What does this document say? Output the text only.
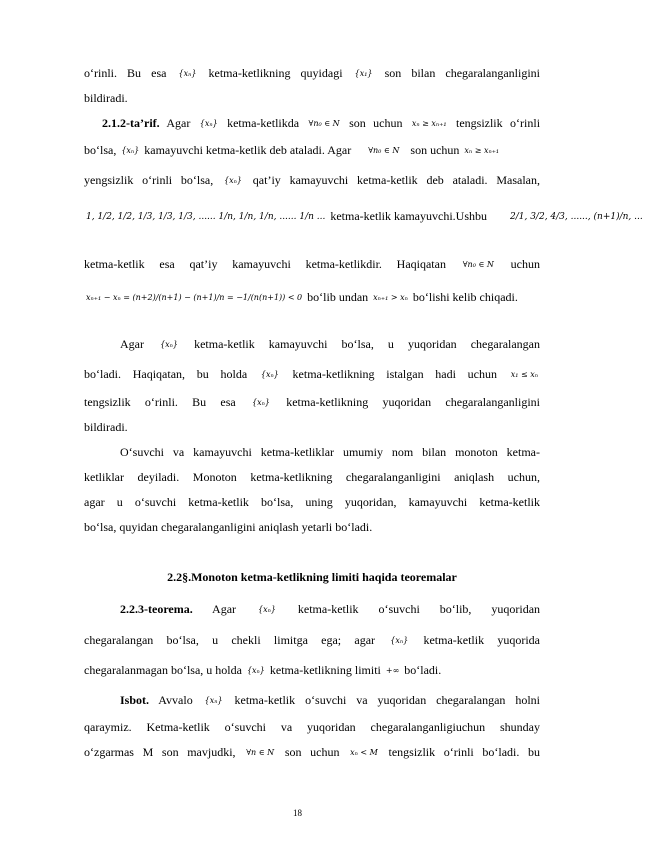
o‘rinli. Bu esa {xₙ} ketma-ketlikning quyidagi {x₁} son bilan chegaralanganligini
bildiradi.
2.1.2-ta’rif. Agar {xₙ} ketma-ketlikda ∀n₀ ∈ N son uchun xₙ ≥ xₙ₊₁ tengsizlik o‘rinli
bo‘lsa, {xₙ} kamayuvchi ketma-ketlik deb ataladi. Agar ∀n₀ ∈ N son uchun xₙ ≥ xₙ₊₁
yengsizlik o‘rinli bo‘lsa, {xₙ} qat’iy kamayuvchi ketma-ketlik deb ataladi. Masalan,
1, 1/2, 1/2, 1/3, 1/3, 1/3, ...... 1/n, 1/n, 1/n, ...... 1/n ... ketma-ketlik kamayuvchi.Ushbu	2/1, 3/2, 4/3, ......, (n+1)/n, ...
ketma-ketlik esa qat’iy kamayuvchi ketma-ketlikdir. Haqiqatan ∀n₀ ∈ N uchun
xₙ₊₁ − xₙ = (n+2)/(n+1) − (n+1)/n = −1/(n(n+1)) < 0 bo‘lib undan xₙ₊₁ > xₙ bo‘lishi kelib chiqadi.
Agar {xₙ} ketma-ketlik kamayuvchi bo‘lsa, u yuqoridan chegaralangan
bo‘ladi. Haqiqatan, bu holda {xₙ} ketma-ketlikning istalgan hadi uchun x₁ ≤ xₙ
tengsizlik o‘rinli. Bu esa {xₙ} ketma-ketlikning yuqoridan chegaralanganligini
bildiradi.
O‘suvchi va kamayuvchi ketma-ketliklar umumiy nom bilan monoton ketma-
ketliklar deyiladi. Monoton ketma-ketlikning chegaralanganligini aniqlash uchun,
agar u o‘suvchi ketma-ketlik bo‘lsa, uning yuqoridan, kamayuvchi ketma-ketlik
bo‘lsa, quyidan chegaralanganligini aniqlash yetarli bo‘ladi.
2.2§.Monoton ketma-ketlikning limiti haqida teoremalar
2.2.3-teorema. Agar	{xₙ} ketma-ketlik o‘suvchi bo‘lib, yuqoridan
chegaralangan bo‘lsa, u chekli limitga ega; agar {xₙ} ketma-ketlik yuqorida
chegaralanmagan bo‘lsa, u holda {xₙ} ketma-ketlikning limiti +∞ bo‘ladi.
Isbot. Avvalo {xₙ} ketma-ketlik o‘suvchi va yuqoridan chegaralangan holni
qaraymiz. Ketma-ketlik o‘suvchi va yuqoridan chegaralanganligiuchun shunday
o‘zgarmas M son mavjudki, ∀n ∈ N son uchun xₙ < M tengsizlik o‘rinli bo‘ladi. bu
18
